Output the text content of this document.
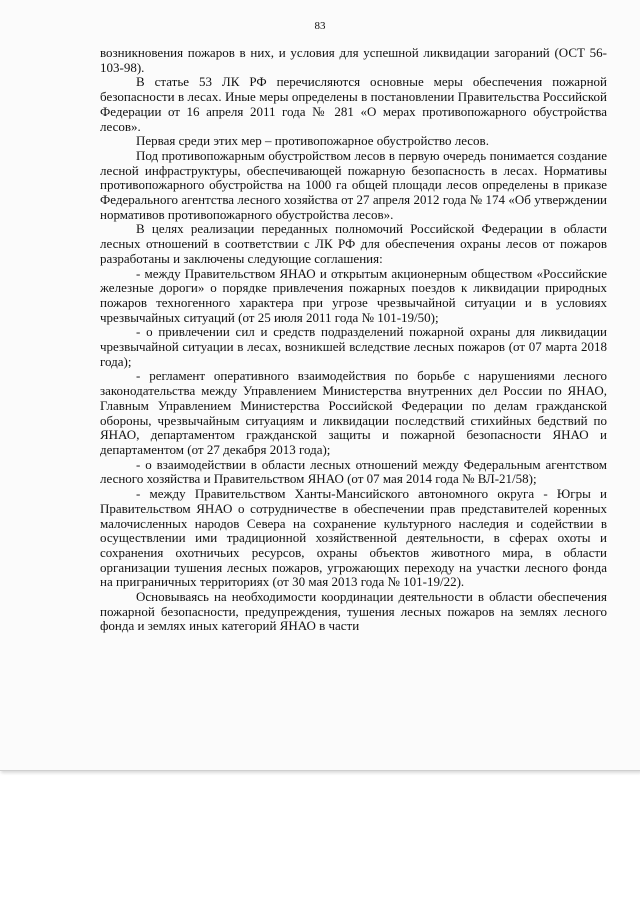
83

возникновения пожаров в них, и условия для успешной ликвидации загораний (ОСТ 56-103-98).

В статье 53 ЛК РФ перечисляются основные меры обеспечения пожарной безопасности в лесах. Иные меры определены в постановлении Правительства Российской Федерации от 16 апреля 2011 года № 281 «О мерах противопожарного обустройства лесов».

Первая среди этих мер – противопожарное обустройство лесов.

Под противопожарным обустройством лесов в первую очередь понимается создание лесной инфраструктуры, обеспечивающей пожарную безопасность в лесах. Нормативы противопожарного обустройства на 1000 га общей площади лесов определены в приказе Федерального агентства лесного хозяйства от 27 апреля 2012 года № 174 «Об утверждении нормативов противопожарного обустройства лесов».

В целях реализации переданных полномочий Российской Федерации в области лесных отношений в соответствии с ЛК РФ для обеспечения охраны лесов от пожаров разработаны и заключены следующие соглашения:

- между Правительством ЯНАО и открытым акционерным обществом «Российские железные дороги» о порядке привлечения пожарных поездов к ликвидации природных пожаров техногенного характера при угрозе чрезвычайной ситуации и в условиях чрезвычайных ситуаций (от 25 июля 2011 года № 101-19/50);

- о привлечении сил и средств подразделений пожарной охраны для ликвидации чрезвычайной ситуации в лесах, возникшей вследствие лесных пожаров (от 07 марта 2018 года);

- регламент оперативного взаимодействия по борьбе с нарушениями лесного законодательства между Управлением Министерства внутренних дел России по ЯНАО, Главным Управлением Министерства Российской Федерации по делам гражданской обороны, чрезвычайным ситуациям и ликвидации последствий стихийных бедствий по ЯНАО, департаментом гражданской защиты и пожарной безопасности ЯНАО и департаментом (от 27 декабря 2013 года);

- о взаимодействии в области лесных отношений между Федеральным агентством лесного хозяйства и Правительством ЯНАО (от 07 мая 2014 года № ВЛ-21/58);

- между Правительством Ханты-Мансийского автономного округа - Югры и Правительством ЯНАО о сотрудничестве в обеспечении прав представителей коренных малочисленных народов Севера на сохранение культурного наследия и содействии в осуществлении ими традиционной хозяйственной деятельности, в сферах охоты и сохранения охотничьих ресурсов, охраны объектов животного мира, в области организации тушения лесных пожаров, угрожающих переходу на участки лесного фонда на приграничных территориях (от 30 мая 2013 года № 101-19/22).

Основываясь на необходимости координации деятельности в области обеспечения пожарной безопасности, предупреждения, тушения лесных пожаров на землях лесного фонда и землях иных категорий ЯНАО в части
